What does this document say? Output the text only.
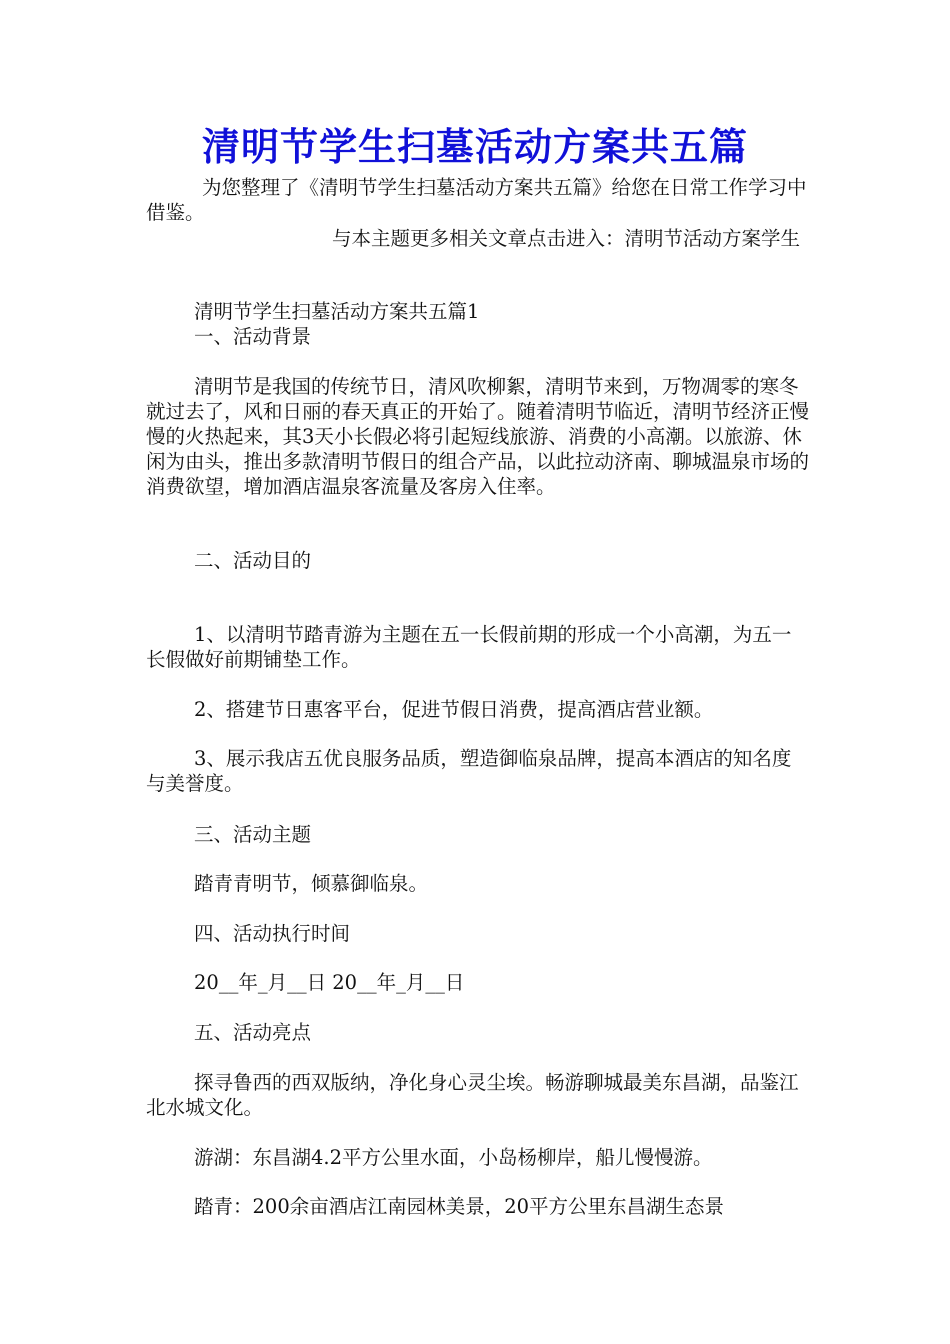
清明节学生扫墓活动方案共五篇

为您整理了《清明节学生扫墓活动方案共五篇》给您在日常工作学习中借鉴。

与本主题更多相关文章点击进入：清明节活动方案学生

清明节学生扫墓活动方案共五篇1

一、活动背景

清明节是我国的传统节日，清风吹柳絮，清明节来到，万物凋零的寒冬就过去了，风和日丽的春天真正的开始了。随着清明节临近，清明节经济正慢慢的火热起来，其3天小长假必将引起短线旅游、消费的小高潮。以旅游、休闲为由头，推出多款清明节假日的组合产品，以此拉动济南、聊城温泉市场的消费欲望，增加酒店温泉客流量及客房入住率。

二、活动目的

1、以清明节踏青游为主题在五一长假前期的形成一个小高潮，为五一长假做好前期铺垫工作。

2、搭建节日惠客平台，促进节假日消费，提高酒店营业额。

3、展示我店五优良服务品质，塑造御临泉品牌，提高本酒店的知名度与美誉度。

三、活动主题

踏青青明节，倾慕御临泉。

四、活动执行时间

20__年_月__日 20__年_月__日

五、活动亮点

探寻鲁西的西双版纳，净化身心灵尘埃。畅游聊城最美东昌湖，品鉴江北水城文化。

游湖：东昌湖4.2平方公里水面，小岛杨柳岸，船儿慢慢游。

踏青：200余亩酒店江南园林美景，20平方公里东昌湖生态景
